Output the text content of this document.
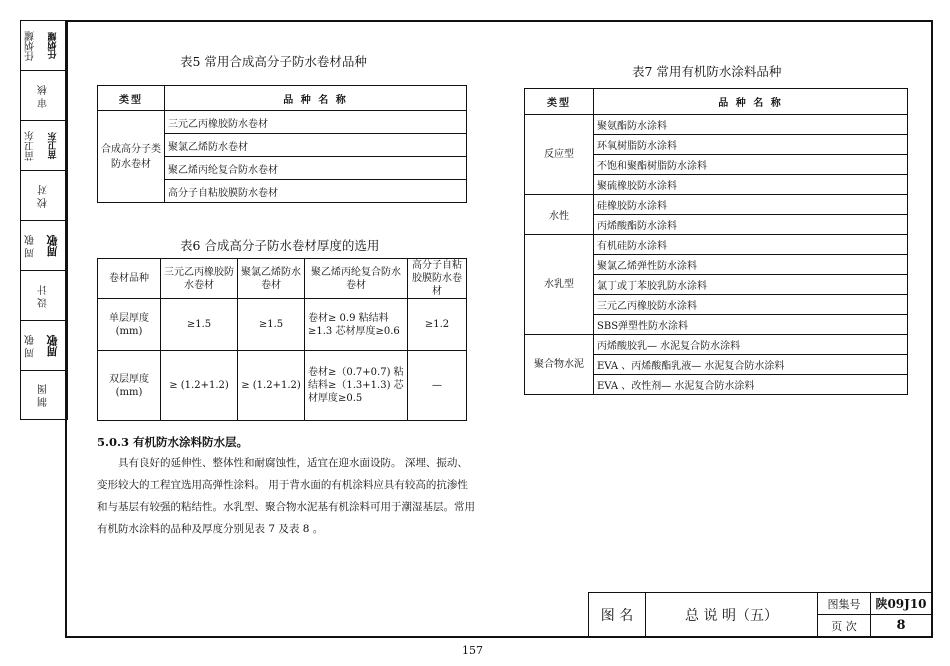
任炳耀	任炳耀
审 核
苗卫东	苗卫东
校 对
周 敬 周敬
设 计
周 敬 周敬
制 图
表5 常用合成高分子防水卷材品种
类型	品 种 名 称
合成高分子类防水卷材	三元乙丙橡胶防水卷材
	聚氯乙烯防水卷材
	聚乙烯丙纶复合防水卷材
	高分子自粘胶膜防水卷材
表6 合成高分子防水卷材厚度的选用
卷材品种	三元乙丙橡胶防水卷材	聚氯乙烯防水卷材	聚乙烯丙纶复合防水卷材	高分子自粘胶膜防水卷材
单层厚度(mm)	≥1.5	≥1.5	卷材≥ 0.9 粘结料≥1.3 芯材厚度≥0.6	≥1.2
双层厚度(mm)	≥ (1.2+1.2)	≥ (1.2+1.2)	卷材≥（0.7+0.7) 粘结料≥（1.3+1.3) 芯材厚度≥0.5	—
5.0.3 有机防水涂料防水层。
具有良好的延伸性、整体性和耐腐蚀性，适宜在迎水面设防。 深埋、振动、变形较大的工程宜选用高弹性涂料。 用于背水面的有机涂料应具有较高的抗渗性和与基层有较强的粘结性。水乳型、聚合物水泥基有机涂料可用于潮湿基层。常用有机防水涂料的品种及厚度分别见表 7 及表 8 。
表7 常用有机防水涂料品种
类型	品 种 名 称
反应型	聚氨酯防水涂料
	环氧树脂防水涂料
	不饱和聚酯树脂防水涂料
	聚硫橡胶防水涂料
水性	硅橡胶防水涂料
	丙烯酸酯防水涂料
水乳型	有机硅防水涂料
	聚氯乙烯弹性防水涂料
	氯丁或丁苯胶乳防水涂料
	三元乙丙橡胶防水涂料
	SBS弹塑性防水涂料
聚合物水泥	丙烯酸胶乳— 水泥复合防水涂料
	EVA 、丙烯酸酯乳液— 水泥复合防水涂料
	EVA 、改性剂— 水泥复合防水涂料
图 名	总 说 明（五）	图集号	陕09J10
		页 次	8
157
